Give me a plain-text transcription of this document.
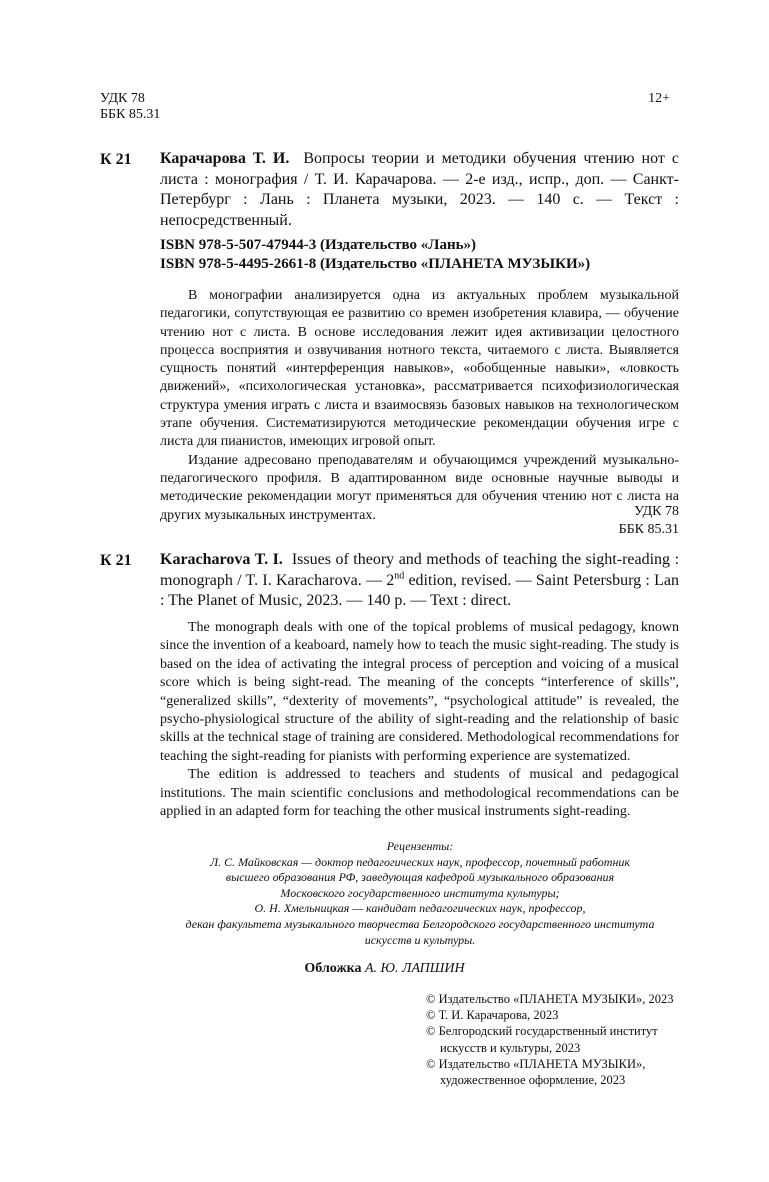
УДК 78
ББК 85.31
12+
К 21 Карачарова Т. И. Вопросы теории и методики обучения чтению нот с листа : монография / Т. И. Карачарова. — 2-е изд., испр., доп. — Санкт-Петербург : Лань : Планета музыки, 2023. — 140 с. — Текст : непосредственный.
ISBN 978-5-507-47944-3 (Издательство «Лань»)
ISBN 978-5-4495-2661-8 (Издательство «ПЛАНЕТА МУЗЫКИ»)

В монографии анализируется одна из актуальных проблем музыкальной педагогики, сопутствующая ее развитию со времен изобретения клавира, — обучение чтению нот с листа. В основе исследования лежит идея активизации целостного процесса восприятия и озвучивания нотного текста, читаемого с листа. Выявляется сущность понятий «интерференция навыков», «обобщенные навыки», «ловкость движений», «психологическая установка», рассматривается психофизиологическая структура умения играть с листа и взаимосвязь базовых навыков на технологическом этапе обучения. Систематизируются методические рекомендации обучения игре с листа для пианистов, имеющих игровой опыт.

Издание адресовано преподавателям и обучающимся учреждений музыкально-педагогического профиля. В адаптированном виде основные научные выводы и методические рекомендации могут применяться для обучения чтению нот с листа на других музыкальных инструментах.	УДК 78
ББК 85.31
К 21 Karacharova T. I. Issues of theory and methods of teaching the sight-reading : monograph / T. I. Karacharova. — 2nd edition, revised. — Saint Petersburg : Lan : The Planet of Music, 2023. — 140 p. — Text : direct.

The monograph deals with one of the topical problems of musical pedagogy, known since the invention of a keaboard, namely how to teach the music sight-reading. The study is based on the idea of activating the integral process of perception and voicing of a musical score which is being sight-read. The meaning of the concepts “interference of skills”, “generalized skills”, “dexterity of movements”, “psychological attitude” is revealed, the psycho-physiological structure of the ability of sight-reading and the relationship of basic skills at the technical stage of training are considered. Methodological recommendations for teaching the sight-reading for pianists with performing experience are systematized.

The edition is addressed to teachers and students of musical and pedagogical institutions. The main scientific conclusions and methodological recommendations can be applied in an adapted form for teaching the other musical instruments sight-reading.

Рецензенты:
Л. С. Майковская — доктор педагогических наук, профессор, почетный работник
высшего образования РФ, заведующая кафедрой музыкального образования
Московского государственного института культуры;
О. Н. Хмельницкая — кандидат педагогических наук, профессор,
декан факультета музыкального творчества Белгородского государственного института
искусств и культуры.
Обложка А. Ю. ЛАПШИН
© Издательство «ПЛАНЕТА МУЗЫКИ», 2023
© Т. И. Карачарова, 2023
© Белгородский государственный институт
искусств и культуры, 2023
© Издательство «ПЛАНЕТА МУЗЫКИ»,
художественное оформление, 2023
